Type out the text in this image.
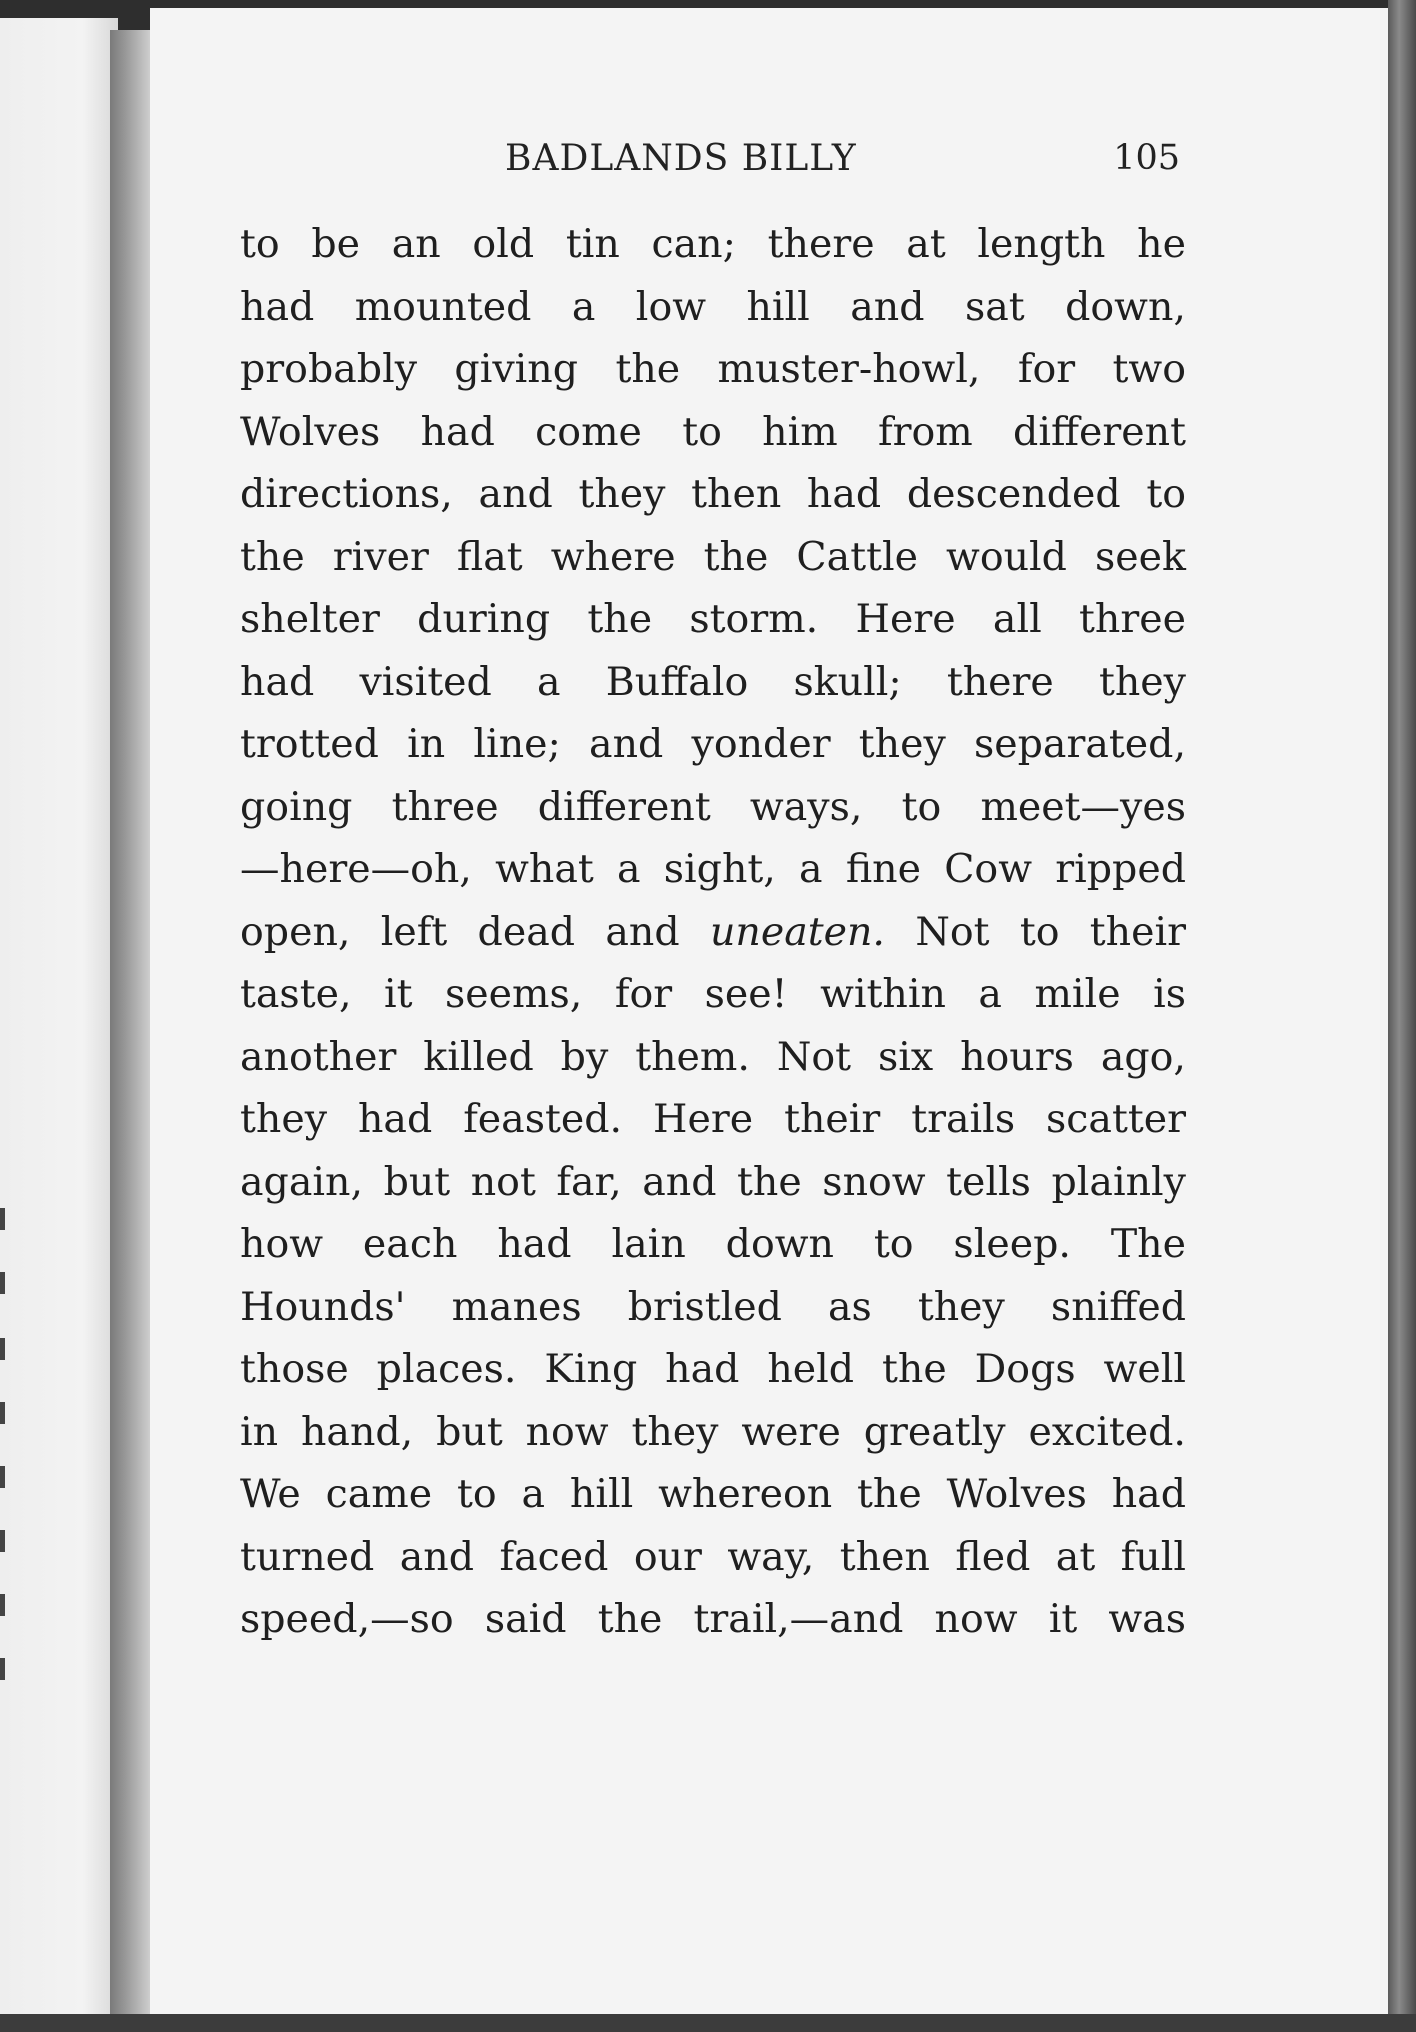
BADLANDS BILLY	105
to be an old tin can; there at length he
had mounted a low hill and sat down,
probably giving the muster-howl, for two
Wolves had come to him from different
directions, and they then had descended to
the river flat where the Cattle would seek
shelter during the storm. Here all three
had visited a Buffalo skull; there they
trotted in line; and yonder they separated,
going three different ways, to meet—yes
—here—oh, what a sight, a fine Cow ripped
open, left dead and uneaten. Not to their
taste, it seems, for see! within a mile is
another killed by them. Not six hours ago,
they had feasted. Here their trails scatter
again, but not far, and the snow tells plainly
how each had lain down to sleep. The
Hounds' manes bristled as they sniffed
those places. King had held the Dogs well
in hand, but now they were greatly excited.
We came to a hill whereon the Wolves had
turned and faced our way, then fled at full
speed,—so said the trail,—and now it was
